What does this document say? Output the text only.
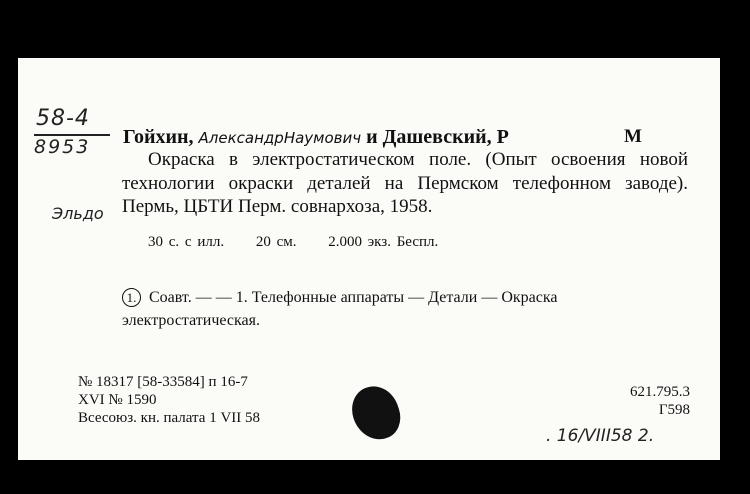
58-4
8953
Эльдо
Гойхин, АлександрНаумович и Дашевский, Р	М

Окраска в электростатическом поле. (Опыт освоения новой технологии окраски деталей на Пермском телефонном заводе). Пермь, ЦБТИ Перм. совнархоза, 1958.

30 с. с илл. 20 см. 2.000 экз. Беспл.
1. Соавт. — — 1. Телефонные аппараты — Детали — Окраска электростатическая.
№ 18317 [58-33584] п 16-7
XVI № 1590
Всесоюз. кн. палата 1 VII 58
621.795.3
Г598
. 16/VIII58 2.
